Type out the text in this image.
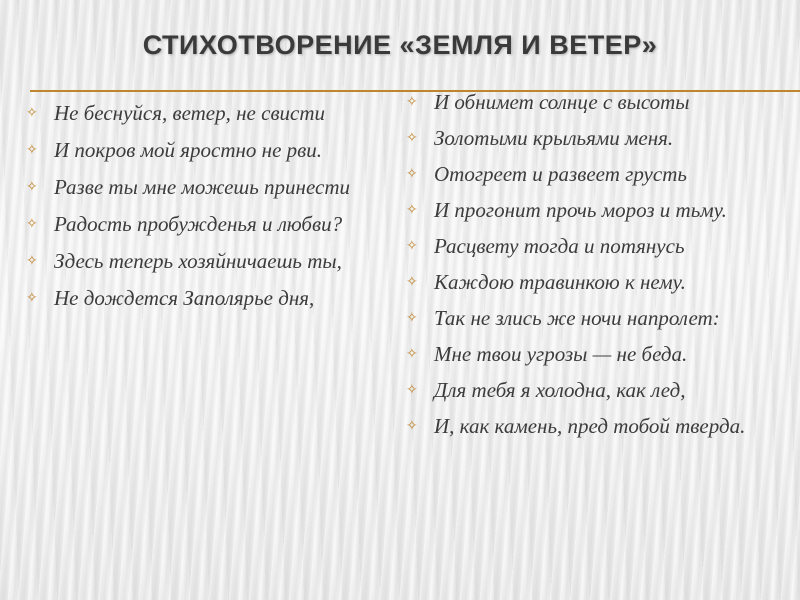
СТИХОТВОРЕНИЕ «ЗЕМЛЯ И ВЕТЕР»
✧ Не беснуйся, ветер, не свисти
✧ И покров мой яростно не рви.
✧ Разве ты мне можешь принести
✧ Радость пробужденья и любви?
✧ Здесь теперь хозяйничаешь ты,
✧ Не дождется Заполярье дня,
✧ И обнимет солнце с высоты
✧ Золотыми крыльями меня.
✧ Отогреет и развеет грусть
✧ И прогонит прочь мороз и тьму.
✧ Расцвету тогда и потянусь
✧ Каждою травинкою к нему.
✧ Так не злись же ночи напролет:
✧ Мне твои угрозы — не беда.
✧ Для тебя я холодна, как лед,
✧ И, как камень, пред тобой тверда.
